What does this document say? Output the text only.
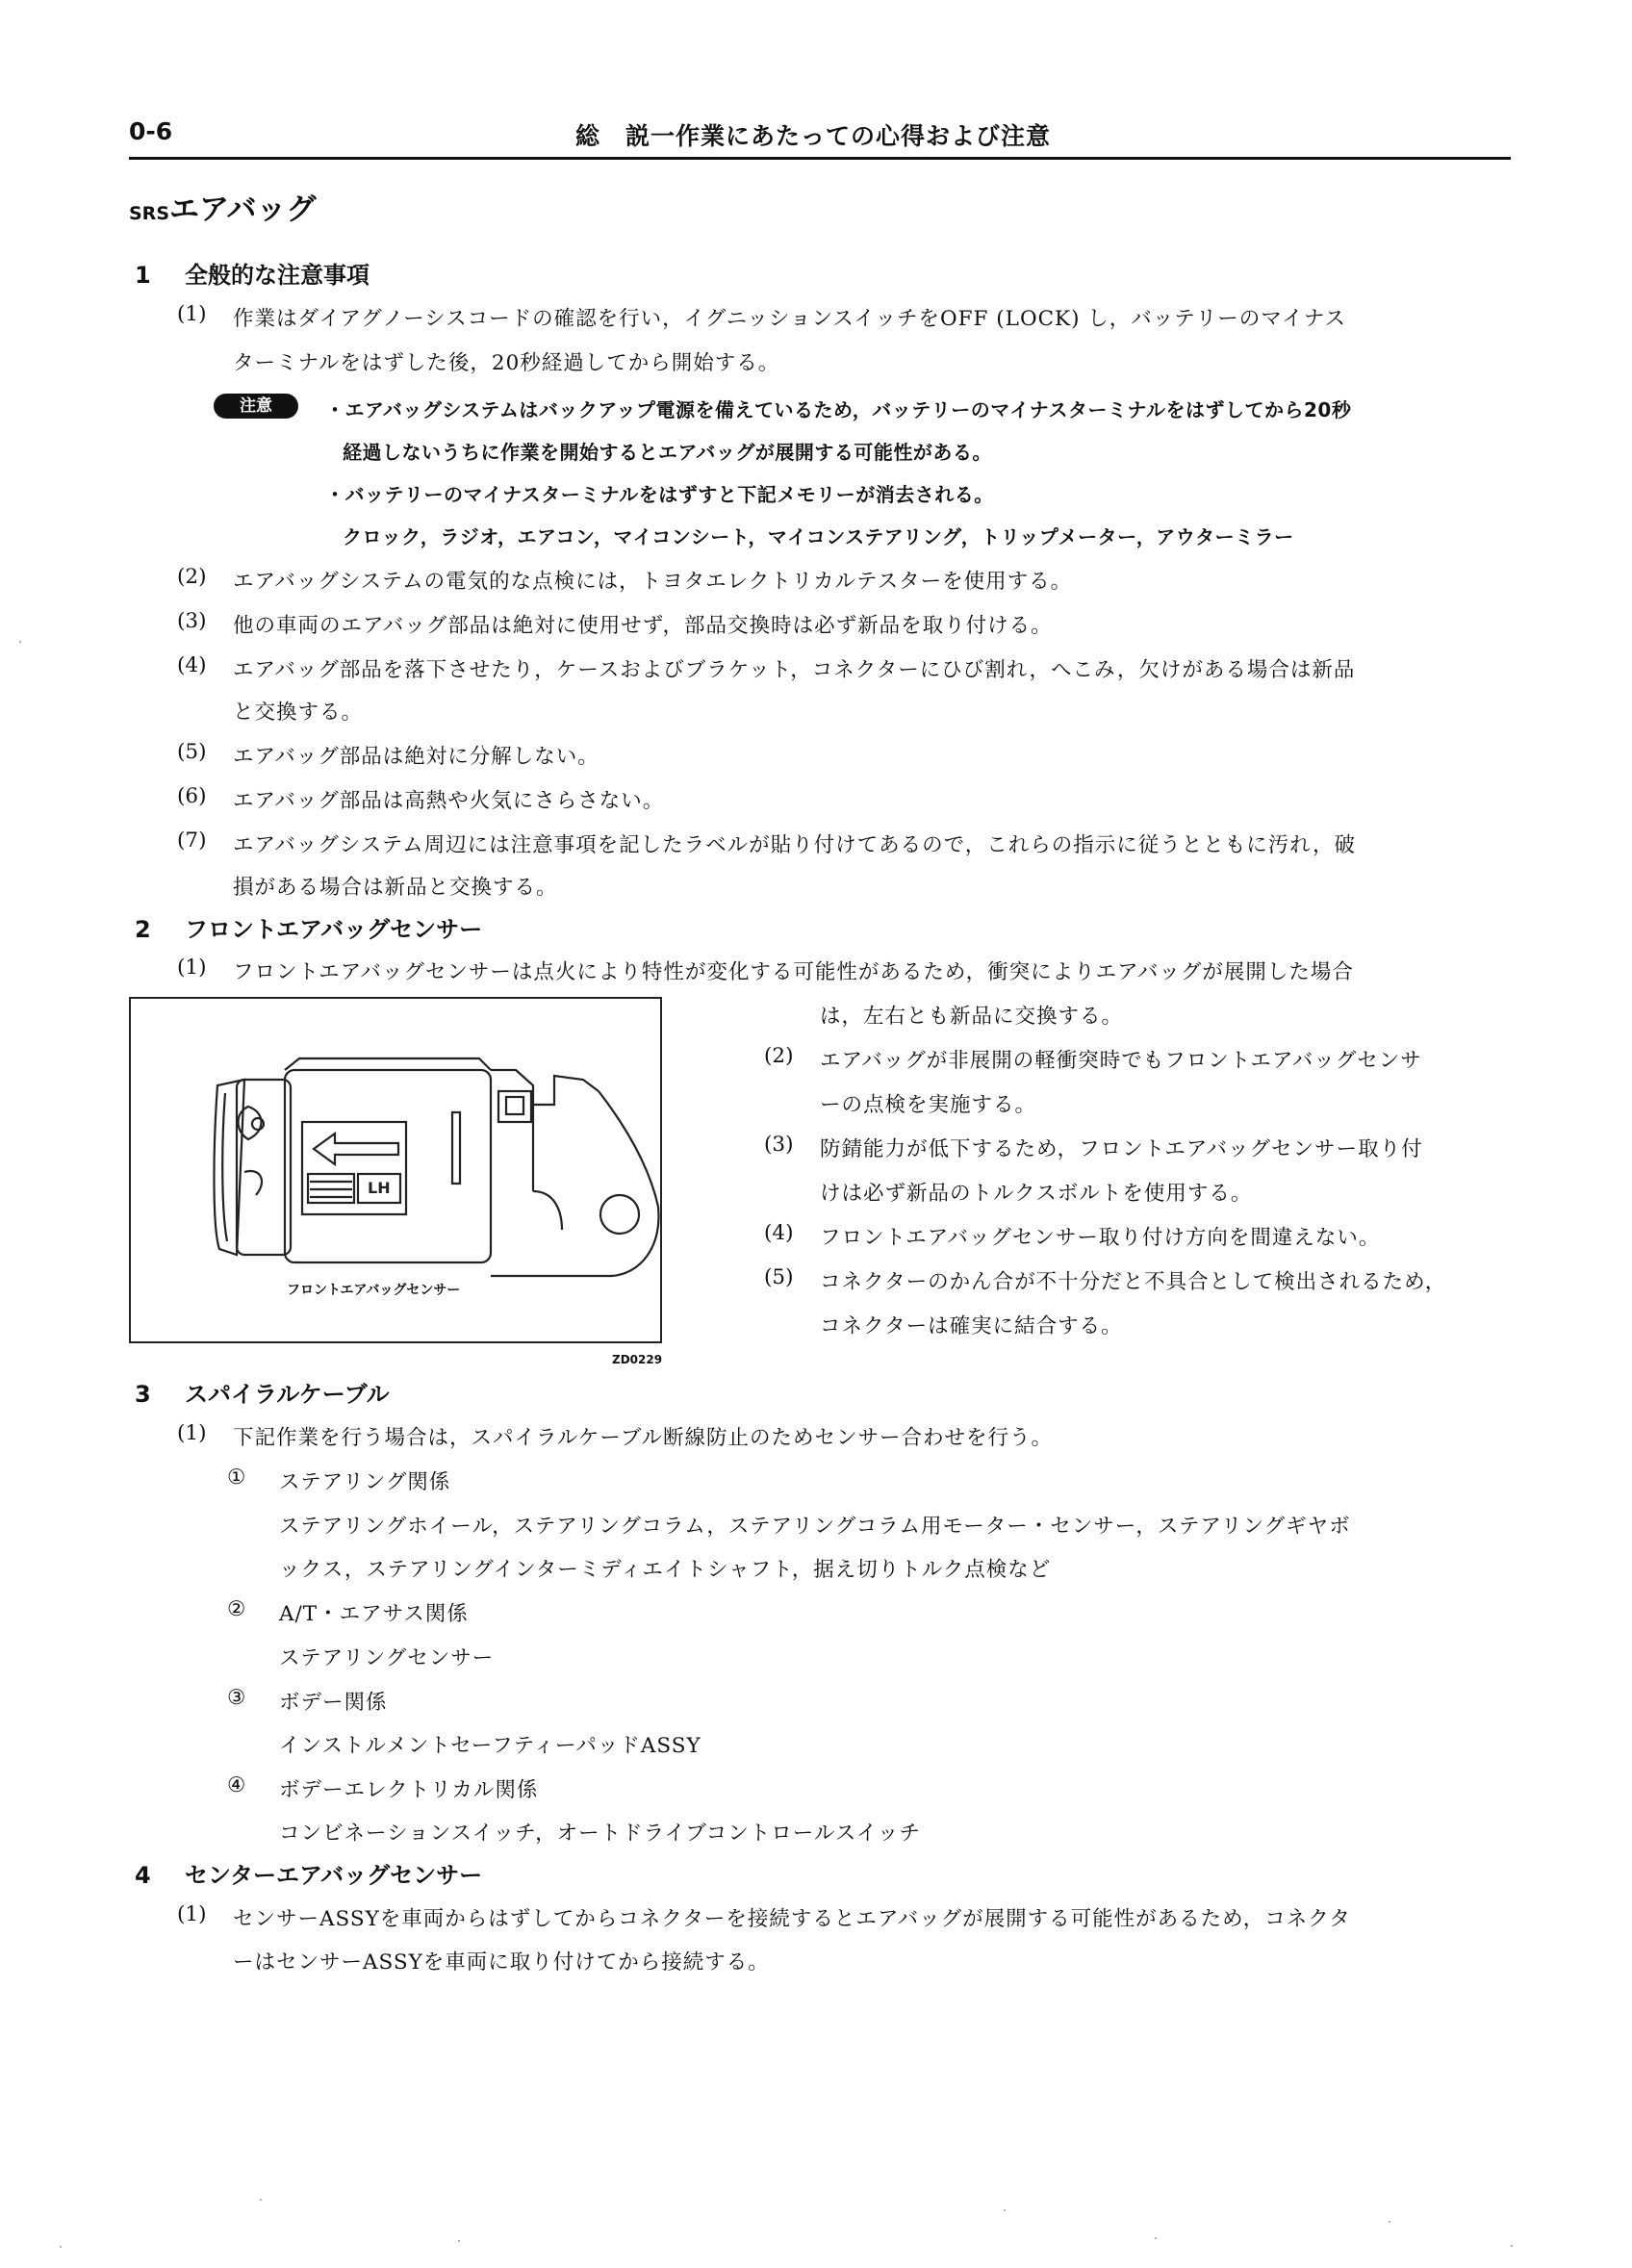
0-6	総　説一作業にあたっての心得および注意
SRSエアバッグ
1 全般的な注意事項
(1) 作業はダイアグノーシスコードの確認を行い，イグニッションスイッチをOFF (LOCK) し，バッテリーのマイナス
ターミナルをはずした後，20秒経過してから開始する。
注意	・エアバッグシステムはバックアップ電源を備えているため，バッテリーのマイナスターミナルをはずしてから20秒
経過しないうちに作業を開始するとエアバッグが展開する可能性がある。
・バッテリーのマイナスターミナルをはずすと下記メモリーが消去される。
クロック，ラジオ，エアコン，マイコンシート，マイコンステアリング，トリップメーター，アウターミラー
(2) エアバッグシステムの電気的な点検には，トヨタエレクトリカルテスターを使用する。
(3) 他の車両のエアバッグ部品は絶対に使用せず，部品交換時は必ず新品を取り付ける。
(4) エアバッグ部品を落下させたり，ケースおよびブラケット，コネクターにひび割れ，へこみ，欠けがある場合は新品
と交換する。
(5) エアバッグ部品は絶対に分解しない。
(6) エアバッグ部品は高熱や火気にさらさない。
(7) エアバッグシステム周辺には注意事項を記したラベルが貼り付けてあるので，これらの指示に従うとともに汚れ，破
損がある場合は新品と交換する。
2 フロントエアバッグセンサー
(1) フロントエアバッグセンサーは点火により特性が変化する可能性があるため，衝突によりエアバッグが展開した場合
は，左右とも新品に交換する。
LH
フロントエアバッグセンサー
ZD0229
(2) エアバッグが非展開の軽衝突時でもフロントエアバッグセンサ
ーの点検を実施する。
(3) 防錆能力が低下するため，フロントエアバッグセンサー取り付
けは必ず新品のトルクスボルトを使用する。
(4) フロントエアバッグセンサー取り付け方向を間違えない。
(5) コネクターのかん合が不十分だと不具合として検出されるため，
コネクターは確実に結合する。
3 スパイラルケーブル
(1) 下記作業を行う場合は，スパイラルケーブル断線防止のためセンサー合わせを行う。
① ステアリング関係
ステアリングホイール，ステアリングコラム，ステアリングコラム用モーター・センサー，ステアリングギヤボ
ックス，ステアリングインターミディエイトシャフト，据え切りトルク点検など
② A/T・エアサス関係
ステアリングセンサー
③ ボデー関係
インストルメントセーフティーパッドASSY
④ ボデーエレクトリカル関係
コンビネーションスイッチ，オートドライブコントロールスイッチ
4 センターエアバッグセンサー
(1) センサーASSYを車両からはずしてからコネクターを接続するとエアバッグが展開する可能性があるため，コネクタ
ーはセンサーASSYを車両に取り付けてから接続する。
